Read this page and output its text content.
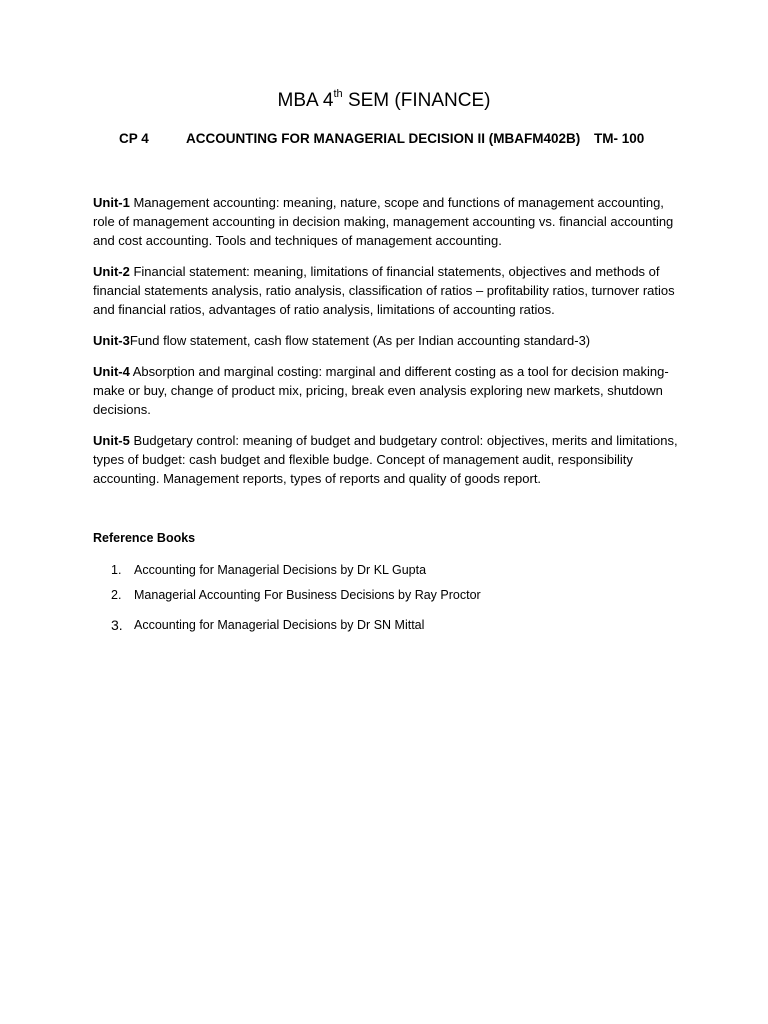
MBA 4th SEM (FINANCE)
CP 4	ACCOUNTING FOR MANAGERIAL DECISION II (MBAFM402B) TM- 100

Unit-1 Management accounting: meaning, nature, scope and functions of management accounting, role of management accounting in decision making, management accounting vs. financial accounting and cost accounting. Tools and techniques of management accounting.

Unit-2 Financial statement: meaning, limitations of financial statements, objectives and methods of financial statements analysis, ratio analysis, classification of ratios – profitability ratios, turnover ratios and financial ratios, advantages of ratio analysis, limitations of accounting ratios.

Unit-3Fund flow statement, cash flow statement (As per Indian accounting standard-3)

Unit-4 Absorption and marginal costing: marginal and different costing as a tool for decision making-make or buy, change of product mix, pricing, break even analysis exploring new markets, shutdown decisions.

Unit-5 Budgetary control: meaning of budget and budgetary control: objectives, merits and limitations, types of budget: cash budget and flexible budge. Concept of management audit, responsibility accounting. Management reports, types of reports and quality of goods report.

Reference Books
1. Accounting for Managerial Decisions by Dr KL Gupta
2. Managerial Accounting For Business Decisions by Ray Proctor
3. Accounting for Managerial Decisions by Dr SN Mittal
